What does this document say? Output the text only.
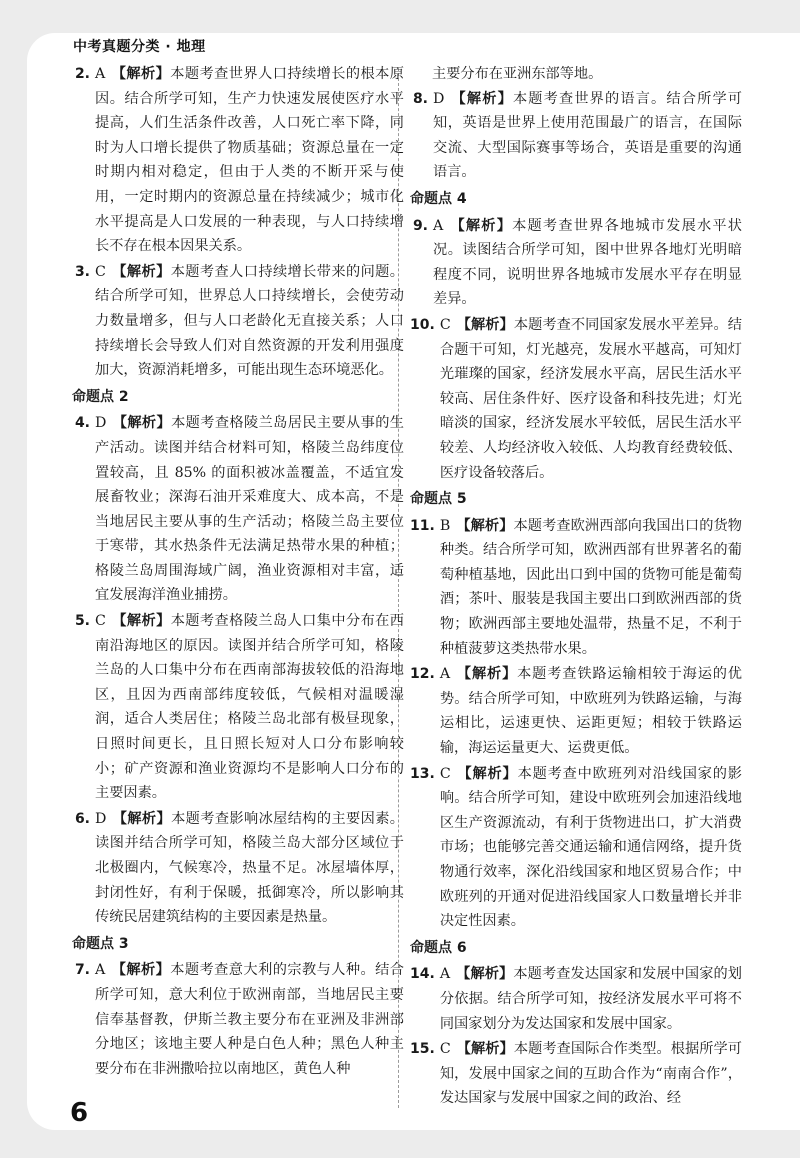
中考真题分类 · 地理
2. A 【解析】本题考查世界人口持续增长的根本原因。结合所学可知，生产力快速发展使医疗水平提高，人们生活条件改善，人口死亡率下降，同时为人口增长提供了物质基础；资源总量在一定时期内相对稳定，但由于人类的不断开采与使用，一定时期内的资源总量在持续减少；城市化水平提高是人口发展的一种表现，与人口持续增长不存在根本因果关系。
3. C 【解析】本题考查人口持续增长带来的问题。结合所学可知，世界总人口持续增长，会使劳动力数量增多，但与人口老龄化无直接关系；人口持续增长会导致人们对自然资源的开发利用强度加大，资源消耗增多，可能出现生态环境恶化。
命题点 2
4. D 【解析】本题考查格陵兰岛居民主要从事的生产活动。读图并结合材料可知，格陵兰岛纬度位置较高，且 85% 的面积被冰盖覆盖，不适宜发展畜牧业；深海石油开采难度大、成本高，不是当地居民主要从事的生产活动；格陵兰岛主要位于寒带，其水热条件无法满足热带水果的种植；格陵兰岛周围海域广阔，渔业资源相对丰富，适宜发展海洋渔业捕捞。
5. C 【解析】本题考查格陵兰岛人口集中分布在西南沿海地区的原因。读图并结合所学可知，格陵兰岛的人口集中分布在西南部海拔较低的沿海地区，且因为西南部纬度较低，气候相对温暖湿润，适合人类居住；格陵兰岛北部有极昼现象，日照时间更长，且日照长短对人口分布影响较小；矿产资源和渔业资源均不是影响人口分布的主要因素。
6. D 【解析】本题考查影响冰屋结构的主要因素。读图并结合所学可知，格陵兰岛大部分区域位于北极圈内，气候寒冷，热量不足。冰屋墙体厚，封闭性好，有利于保暖，抵御寒冷，所以影响其传统民居建筑结构的主要因素是热量。
命题点 3
7. A 【解析】本题考查意大利的宗教与人种。结合所学可知，意大利位于欧洲南部，当地居民主要信奉基督教，伊斯兰教主要分布在亚洲及非洲部分地区；该地主要人种是白色人种；黑色人种主要分布在非洲撒哈拉以南地区，黄色人种
主要分布在亚洲东部等地。
8. D 【解析】本题考查世界的语言。结合所学可知，英语是世界上使用范围最广的语言，在国际交流、大型国际赛事等场合，英语是重要的沟通语言。
命题点 4
9. A 【解析】本题考查世界各地城市发展水平状况。读图结合所学可知，图中世界各地灯光明暗程度不同，说明世界各地城市发展水平存在明显差异。
10. C 【解析】本题考查不同国家发展水平差异。结合题干可知，灯光越亮，发展水平越高，可知灯光璀璨的国家，经济发展水平高，居民生活水平较高、居住条件好、医疗设备和科技先进；灯光暗淡的国家，经济发展水平较低，居民生活水平较差、人均经济收入较低、人均教育经费较低、医疗设备较落后。
命题点 5
11. B 【解析】本题考查欧洲西部向我国出口的货物种类。结合所学可知，欧洲西部有世界著名的葡萄种植基地，因此出口到中国的货物可能是葡萄酒；茶叶、服装是我国主要出口到欧洲西部的货物；欧洲西部主要地处温带，热量不足，不利于种植菠萝这类热带水果。
12. A 【解析】本题考查铁路运输相较于海运的优势。结合所学可知，中欧班列为铁路运输，与海运相比，运速更快、运距更短；相较于铁路运输，海运运量更大、运费更低。
13. C 【解析】本题考查中欧班列对沿线国家的影响。结合所学可知，建设中欧班列会加速沿线地区生产资源流动，有利于货物进出口，扩大消费市场；也能够完善交通运输和通信网络，提升货物通行效率，深化沿线国家和地区贸易合作；中欧班列的开通对促进沿线国家人口数量增长并非决定性因素。
命题点 6
14. A 【解析】本题考查发达国家和发展中国家的划分依据。结合所学可知，按经济发展水平可将不同国家划分为发达国家和发展中国家。
15. C 【解析】本题考查国际合作类型。根据所学可知，发展中国家之间的互助合作为“南南合作”，发达国家与发展中国家之间的政治、经
6
